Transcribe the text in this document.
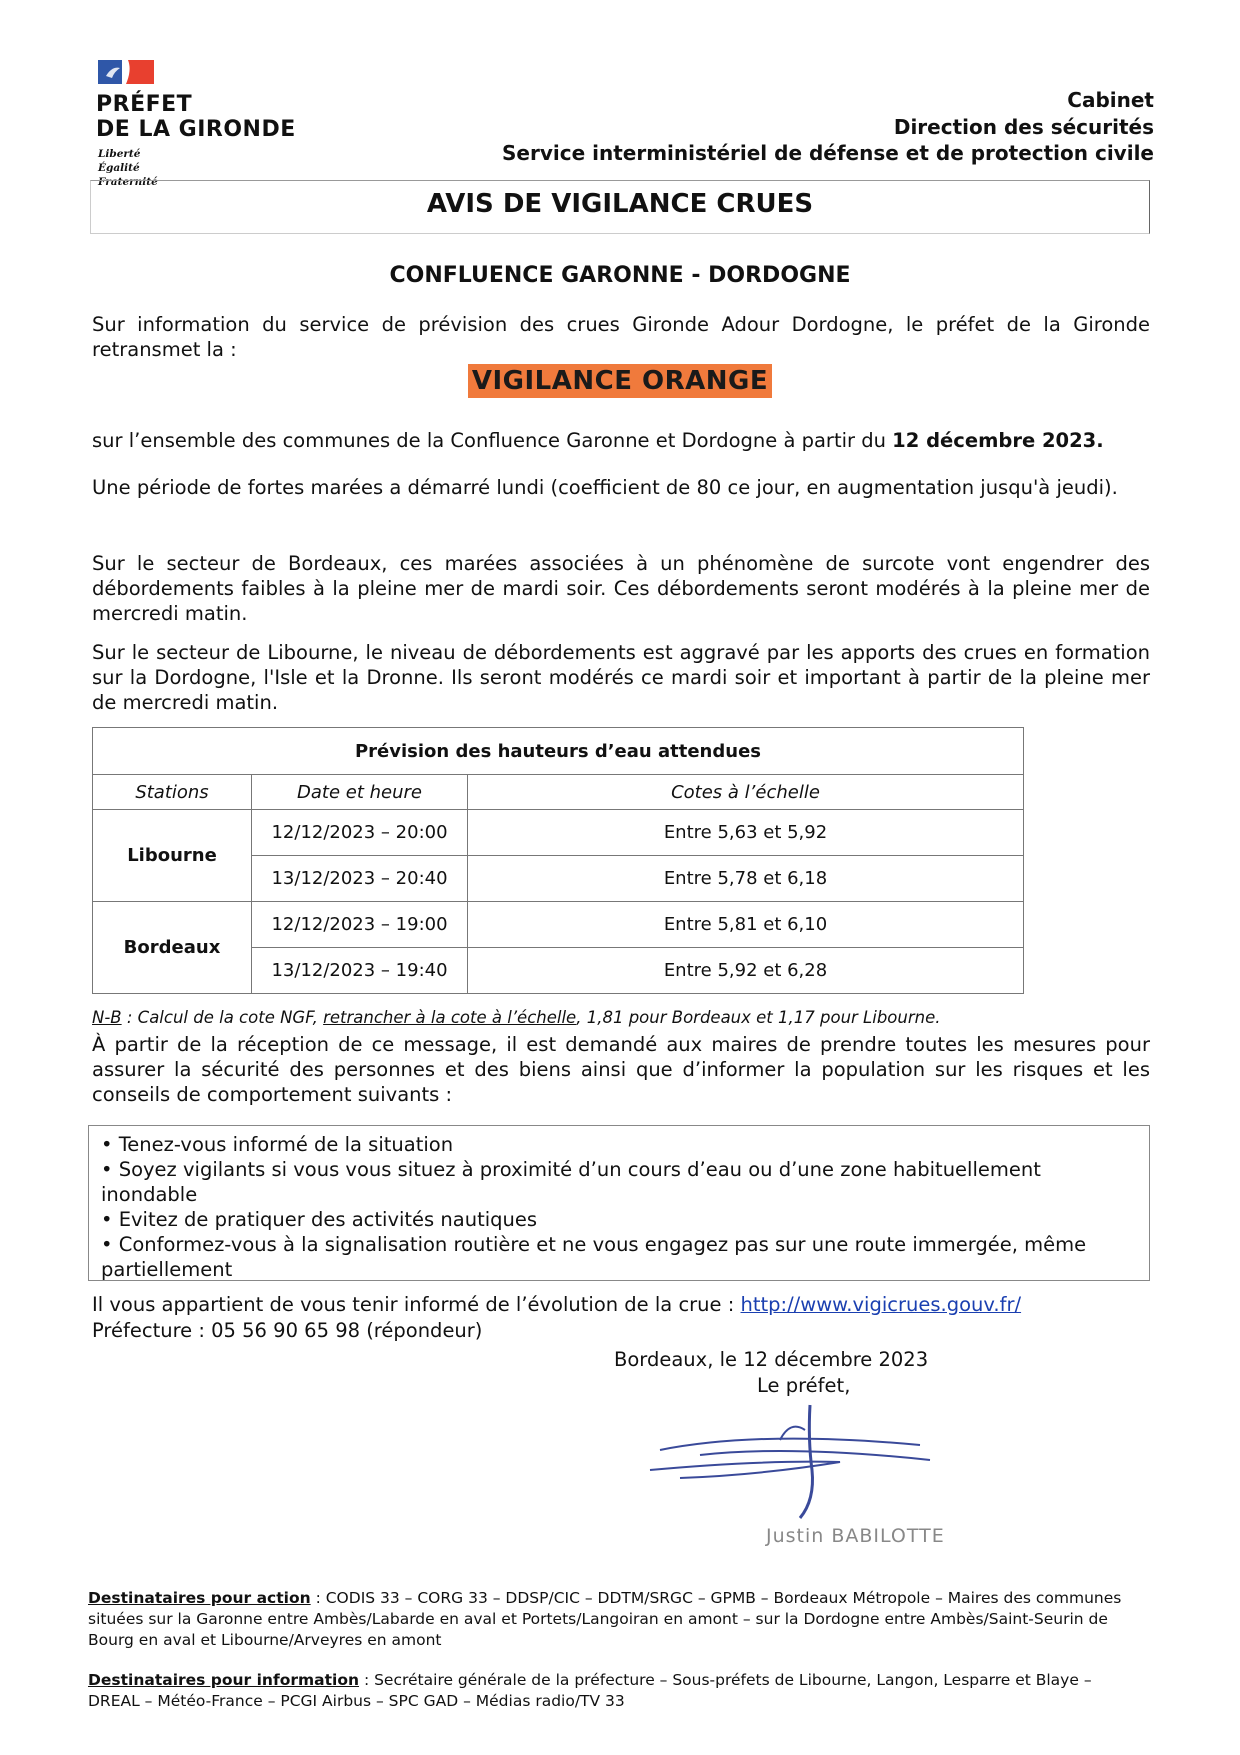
PRÉFET
DE LA GIRONDE
Liberté
Égalité
Fraternité
Cabinet
Direction des sécurités
Service interministériel de défense et de protection civile
AVIS DE VIGILANCE CRUES
CONFLUENCE GARONNE - DORDOGNE
Sur information du service de prévision des crues Gironde Adour Dordogne, le préfet de la Gironde retransmet la :
VIGILANCE ORANGE
sur l’ensemble des communes de la Confluence Garonne et Dordogne à partir du 12 décembre 2023.
Une période de fortes marées a démarré lundi (coefficient de 80 ce jour, en augmentation jusqu'à jeudi).
Sur le secteur de Bordeaux, ces marées associées à un phénomène de surcote vont engendrer des débordements faibles à la pleine mer de mardi soir. Ces débordements seront modérés à la pleine mer de mercredi matin.
Sur le secteur de Libourne, le niveau de débordements est aggravé par les apports des crues en formation sur la Dordogne, l'Isle et la Dronne. Ils seront modérés ce mardi soir et important à partir de la pleine mer de mercredi matin.
Prévision des hauteurs d’eau attendues		
Stations	Date et heure	Cotes à l’échelle
Libourne	12/12/2023 – 20:00	Entre 5,63 et 5,92
	13/12/2023 – 20:40	Entre 5,78 et 6,18
Bordeaux	12/12/2023 – 19:00	Entre 5,81 et 6,10
	13/12/2023 – 19:40	Entre 5,92 et 6,28
N-B : Calcul de la cote NGF, retrancher à la cote à l’échelle, 1,81 pour Bordeaux et 1,17 pour Libourne.
À partir de la réception de ce message, il est demandé aux maires de prendre toutes les mesures pour assurer la sécurité des personnes et des biens ainsi que d’informer la population sur les risques et les conseils de comportement suivants :
• Tenez-vous informé de la situation
• Soyez vigilants si vous vous situez à proximité d’un cours d’eau ou d’une zone habituellement inondable
• Evitez de pratiquer des activités nautiques
• Conformez-vous à la signalisation routière et ne vous engagez pas sur une route immergée, même partiellement
Il vous appartient de vous tenir informé de l’évolution de la crue : http://www.vigicrues.gouv.fr/
Préfecture : 05 56 90 65 98 (répondeur)
Bordeaux, le 12 décembre 2023
Le préfet,
Justin BABILOTTE
Destinataires pour action : CODIS 33 – CORG 33 – DDSP/CIC – DDTM/SRGC – GPMB – Bordeaux Métropole – Maires des communes situées sur la Garonne entre Ambès/Labarde en aval et Portets/Langoiran en amont – sur la Dordogne entre Ambès/Saint-Seurin de Bourg en aval et Libourne/Arveyres en amont
Destinataires pour information : Secrétaire générale de la préfecture – Sous-préfets de Libourne, Langon, Lesparre et Blaye – DREAL – Météo-France – PCGI Airbus – SPC GAD – Médias radio/TV 33
